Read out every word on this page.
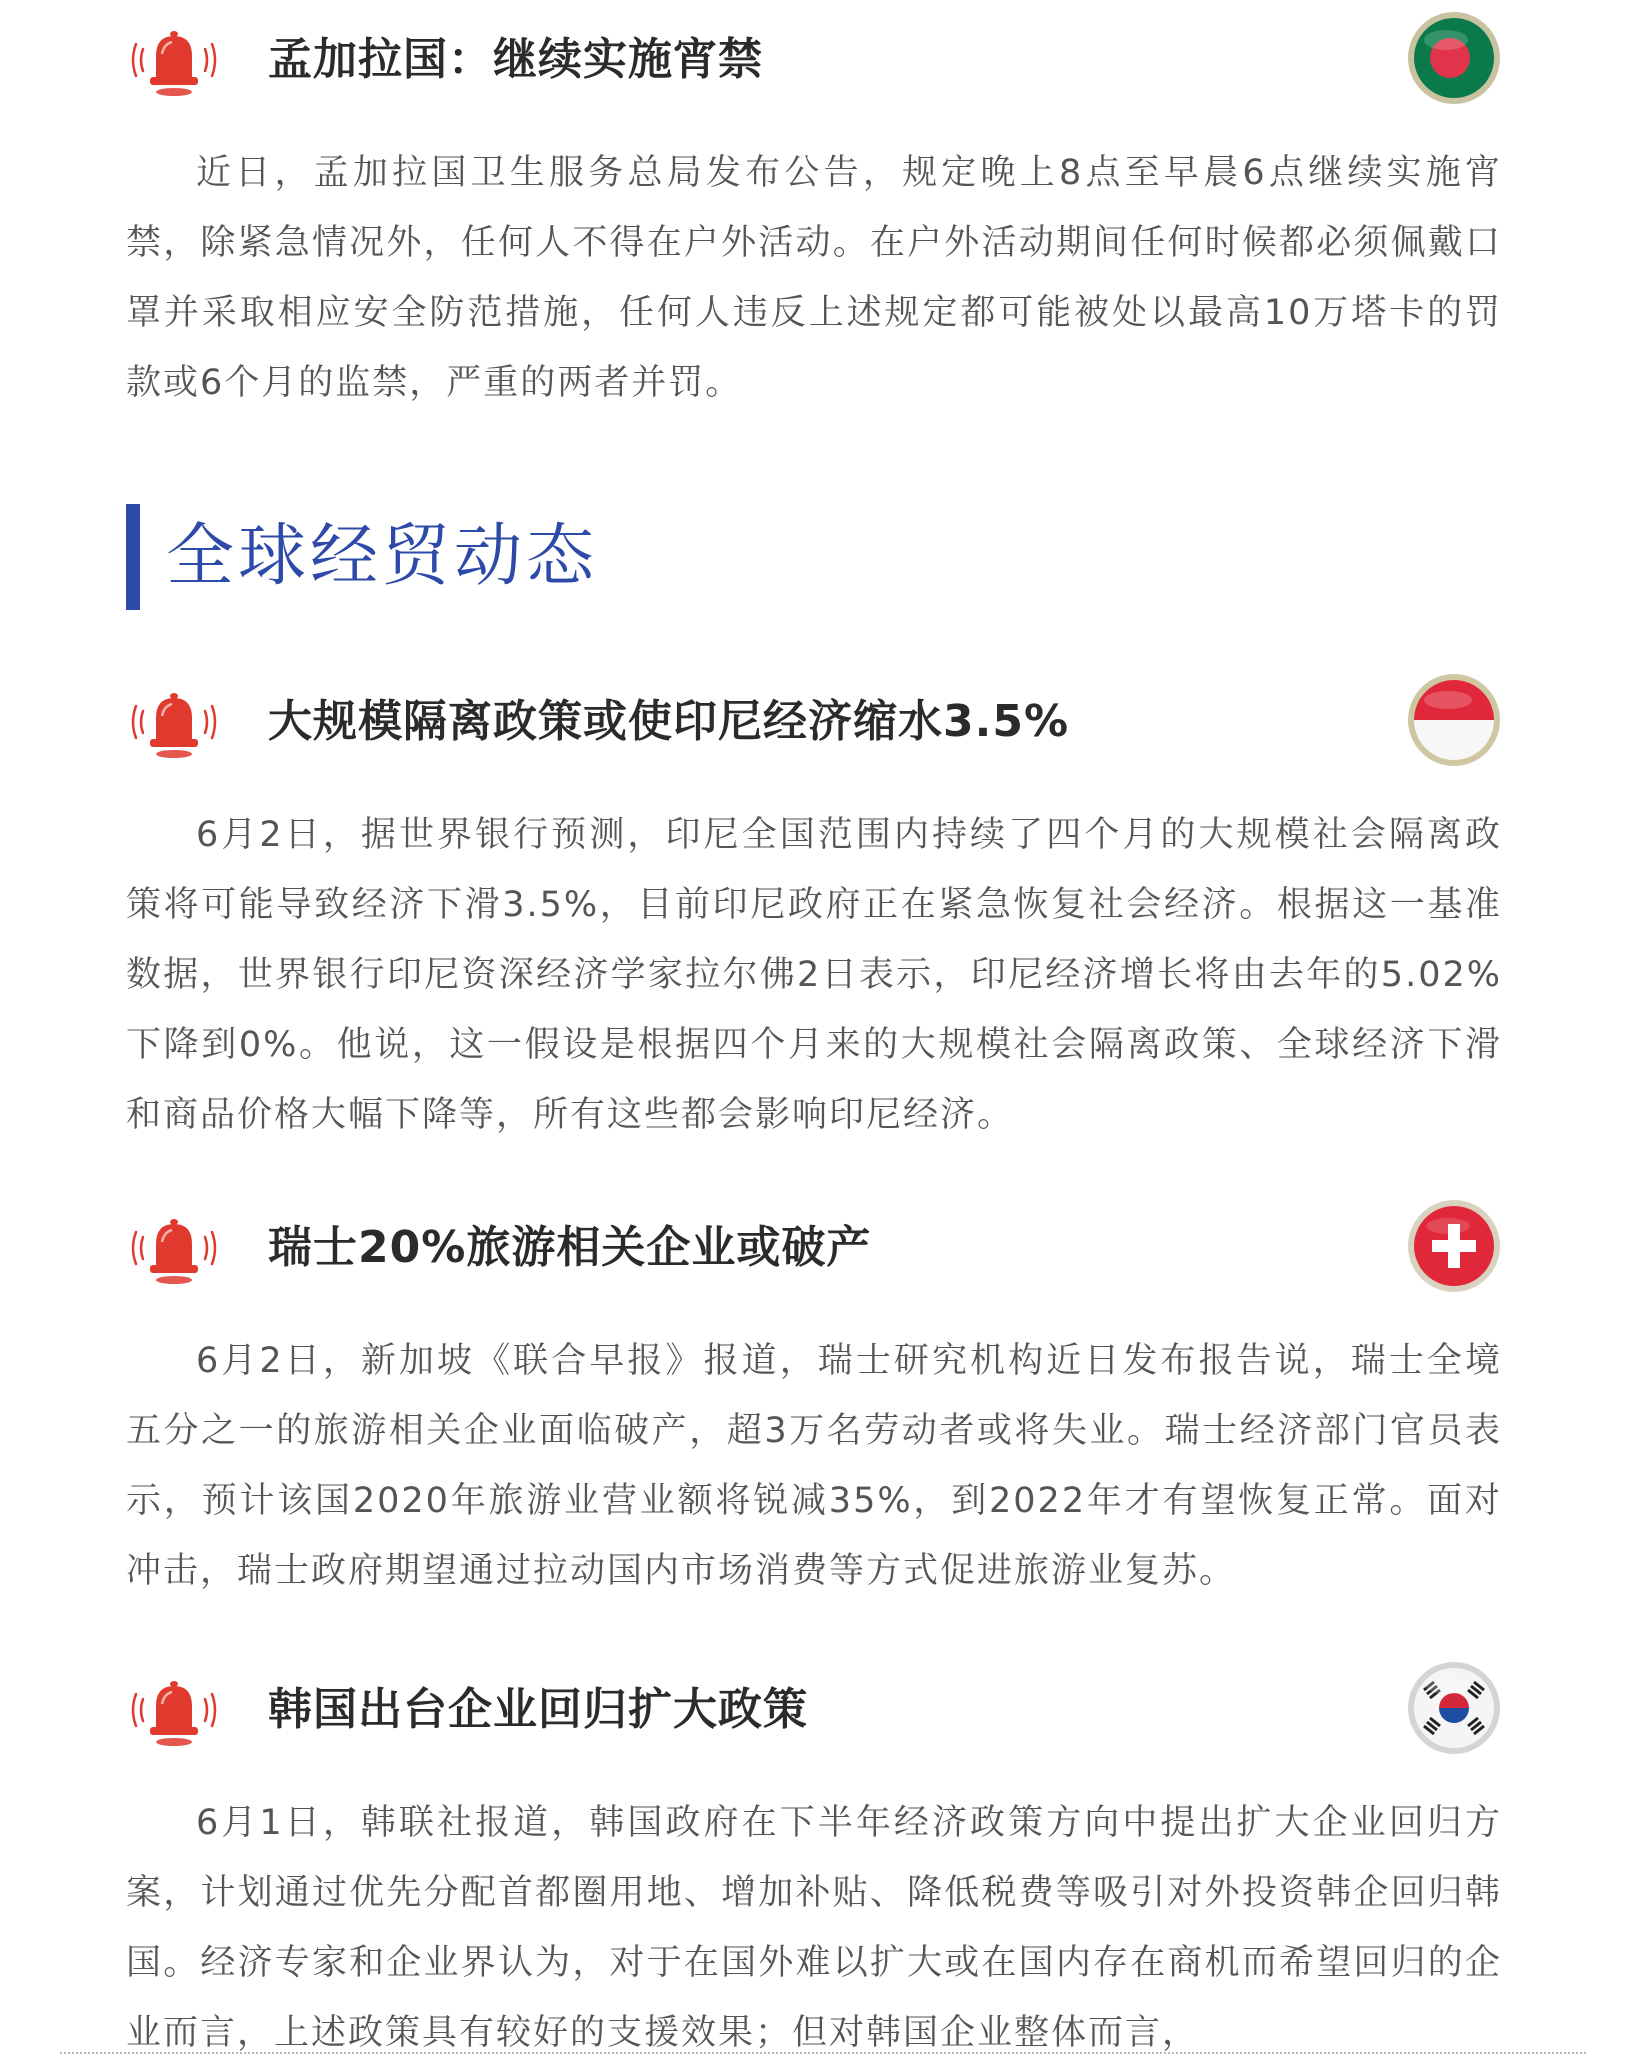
孟加拉国：继续实施宵禁

近日，孟加拉国卫生服务总局发布公告，规定晚上8点至早晨6点继续实施宵禁，除紧急情况外，任何人不得在户外活动。在户外活动期间任何时候都必须佩戴口罩并采取相应安全防范措施，任何人违反上述规定都可能被处以最高10万塔卡的罚款或6个月的监禁，严重的两者并罚。

全球经贸动态
大规模隔离政策或使印尼经济缩水3.5%

6月2日，据世界银行预测，印尼全国范围内持续了四个月的大规模社会隔离政策将可能导致经济下滑3.5%，目前印尼政府正在紧急恢复社会经济。根据这一基准数据，世界银行印尼资深经济学家拉尔佛2日表示，印尼经济增长将由去年的5.02%下降到0%。他说，这一假设是根据四个月来的大规模社会隔离政策、全球经济下滑和商品价格大幅下降等，所有这些都会影响印尼经济。

瑞士20%旅游相关企业或破产

6月2日，新加坡《联合早报》报道，瑞士研究机构近日发布报告说，瑞士全境五分之一的旅游相关企业面临破产，超3万名劳动者或将失业。瑞士经济部门官员表示，预计该国2020年旅游业营业额将锐减35%，到2022年才有望恢复正常。面对冲击，瑞士政府期望通过拉动国内市场消费等方式促进旅游业复苏。

韩国出台企业回归扩大政策

6月1日，韩联社报道，韩国政府在下半年经济政策方向中提出扩大企业回归方案，计划通过优先分配首都圈用地、增加补贴、降低税费等吸引对外投资韩企回归韩国。经济专家和企业界认为，对于在国外难以扩大或在国内存在商机而希望回归的企业而言，上述政策具有较好的支援效果；但对韩国企业整体而言，
